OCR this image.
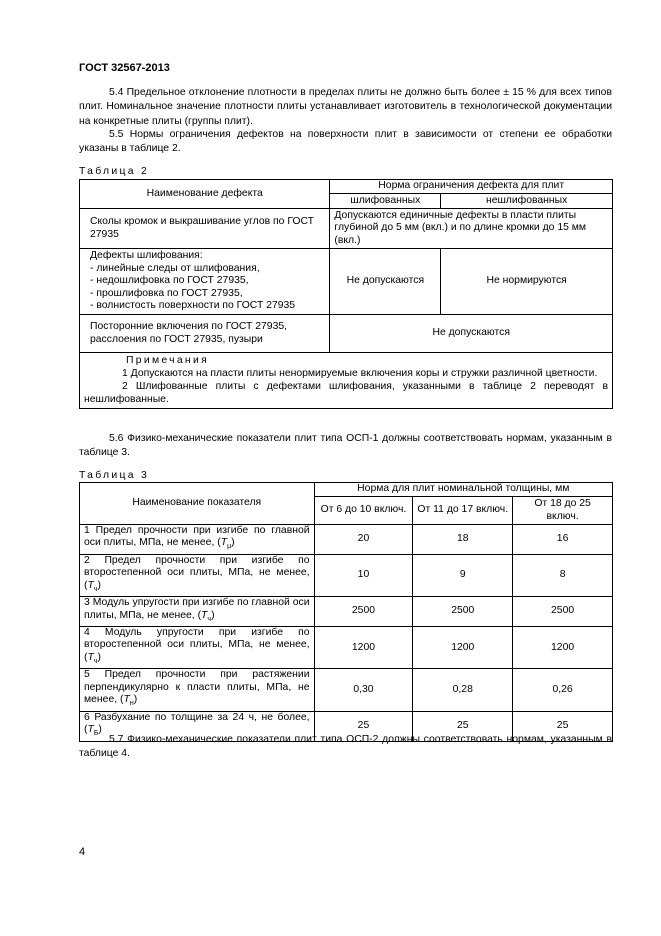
ГОСТ 32567-2013

5.4 Предельное отклонение плотности в пределах плиты не должно быть более ± 15 % для всех типов плит. Номинальное значение плотности плиты устанавливает изготовитель в технологической документации на конкретные плиты (группы плит).

5.5 Нормы ограничения дефектов на поверхности плит в зависимости от степени ее обработки указаны в таблице 2.

Таблица 2
Наименование дефекта	Норма ограничения дефекта для плит	
	шлифованных	нешлифованных
Сколы кромок и выкрашивание углов по ГОСТ 27935	Допускаются единичные дефекты в пласти плиты глубиной до 5 мм (вкл.) и по длине кромки до 15 мм (вкл.)	

Дефекты шлифования:
- линейные следы от шлифования,
- недошлифовка по ГОСТ 27935,
- прошлифовка по ГОСТ 27935,
- волнистость поверхности по ГОСТ 27935	Не допускаются	Не нормируются
Посторонние включения по ГОСТ 27935, расслоения по ГОСТ 27935, пузыри	Не допускаются	

Примечания

1 Допускаются на пласти плиты ненормируемые включения коры и стружки различной цветности.

2 Шлифованные плиты с дефектами шлифования, указанными в таблице 2 переводят в нешлифованные.		

5.6 Физико-механические показатели плит типа ОСП-1 должны соответствовать нормам, указанным в таблице 3.

Таблица 3
Наименование показателя	Норма для плит номинальной толщины, мм		
	От 6 до 10 включ.	От 11 до 17 включ.	От 18 до 25 включ.
1 Предел прочности при изгибе по главной оси плиты, МПа, не менее, $(T_\mu)$	20	18	16
2 Предел прочности при изгибе по второстепенной оси плиты, МПа, не менее, $(T_ч)$	10	9	8
3 Модуль упругости при изгибе по главной оси плиты, МПа, не менее, $(T_ч)$	2500	2500	2500
4 Модуль упругости при изгибе по второстепенной оси плиты, МПа, не менее, $(T_ч)$	1200	1200	1200
5 Предел прочности при растяжении перпендикулярно к пласти плиты, МПа, не менее, $(T_н)$	0,30	0,28	0,26
6 Разбухание по толщине за 24 ч, не более, $(T_Б)$	25	25	25

5.7 Физико-механические показатели плит типа ОСП-2 должны соответствовать нормам, указанным в таблице 4.

4
